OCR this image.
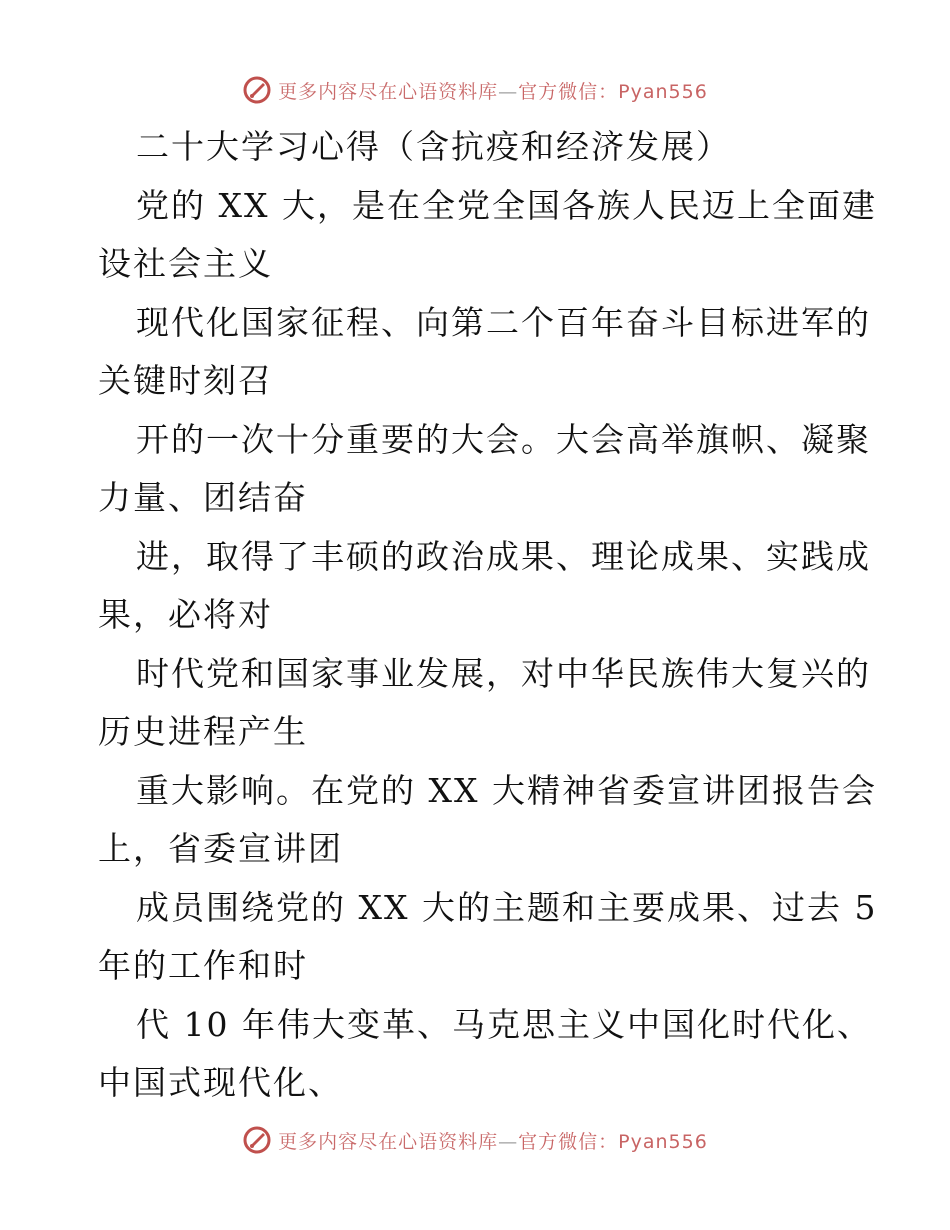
更多内容尽在心语资料库—官方微信：Pyan556
二十大学习心得（含抗疫和经济发展）
党的 XX 大，是在全党全国各族人民迈上全面建
设社会主义
现代化国家征程、向第二个百年奋斗目标进军的
关键时刻召
开的一次十分重要的大会。大会高举旗帜、凝聚
力量、团结奋
进，取得了丰硕的政治成果、理论成果、实践成
果，必将对
时代党和国家事业发展，对中华民族伟大复兴的
历史进程产生
重大影响。在党的 XX 大精神省委宣讲团报告会
上，省委宣讲团
成员围绕党的 XX 大的主题和主要成果、过去 5
年的工作和时
代 10 年伟大变革、马克思主义中国化时代化、
中国式现代化、
更多内容尽在心语资料库—官方微信：Pyan556
